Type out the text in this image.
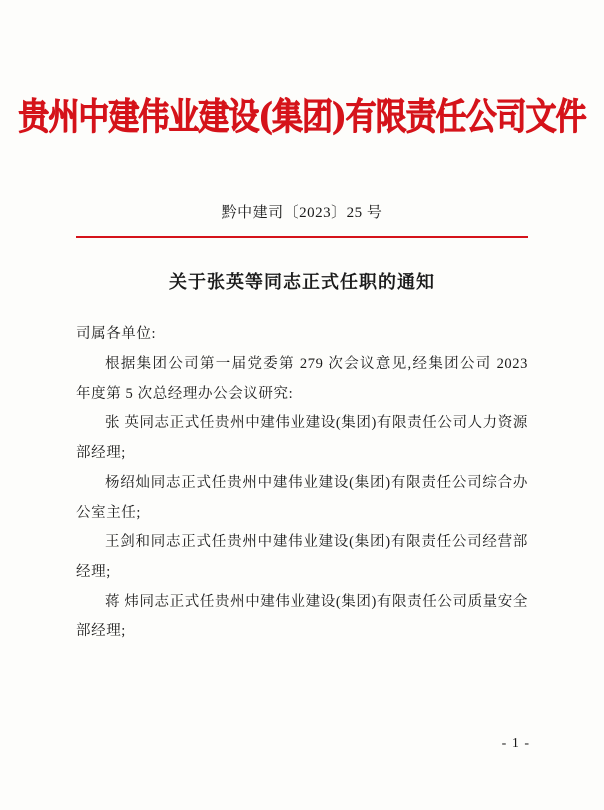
贵州中建伟业建设(集团)有限责任公司文件
黔中建司〔2023〕25 号
关于张英等同志正式任职的通知

司属各单位:

根据集团公司第一届党委第 279 次会议意见,经集团公司 2023 年度第 5 次总经理办公会议研究:

张 英同志正式任贵州中建伟业建设(集团)有限责任公司人力资源部经理;

杨绍灿同志正式任贵州中建伟业建设(集团)有限责任公司综合办公室主任;

王剑和同志正式任贵州中建伟业建设(集团)有限责任公司经营部经理;

蒋 炜同志正式任贵州中建伟业建设(集团)有限责任公司质量安全部经理;

- 1 -
